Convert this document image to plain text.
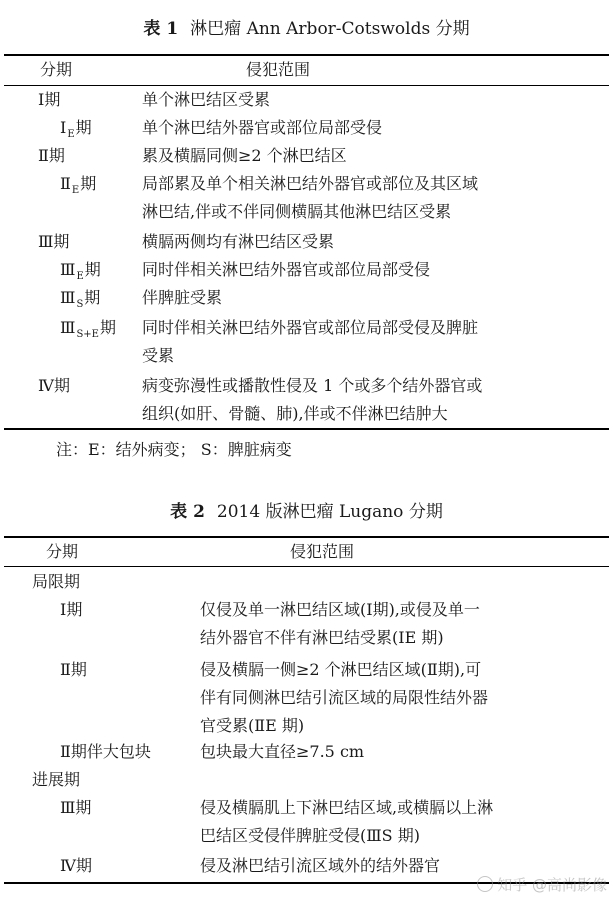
表 1 淋巴瘤 Ann Arbor-Cotswolds 分期
分期	侵犯范围
Ⅰ期	单个淋巴结区受累
$Ⅰ_E$期	单个淋巴结外器官或部位局部受侵
Ⅱ期	累及横膈同侧≥2 个淋巴结区
$Ⅱ_E$期	局部累及单个相关淋巴结外器官或部位及其区域
淋巴结,伴或不伴同侧横膈其他淋巴结区受累
Ⅲ期	横膈两侧均有淋巴结区受累
$Ⅲ_E$期	同时伴相关淋巴结外器官或部位局部受侵
$Ⅲ_S$期	伴脾脏受累
$Ⅲ_{S+E}$期 同时伴相关淋巴结外器官或部位局部受侵及脾脏
受累
Ⅳ期	病变弥漫性或播散性侵及 1 个或多个结外器官或
组织(如肝、骨髓、肺),伴或不伴淋巴结肿大
注：E：结外病变； S：脾脏病变
表 2 2014 版淋巴瘤 Lugano 分期
分期	侵犯范围
局限期
Ⅰ期	仅侵及单一淋巴结区域(Ⅰ期),或侵及单一
结外器官不伴有淋巴结受累(ⅠE 期)
Ⅱ期	侵及横膈一侧≥2 个淋巴结区域(Ⅱ期),可
伴有同侧淋巴结引流区域的局限性结外器
官受累(ⅡE 期)
Ⅱ期伴大包块	包块最大直径≥7.5 cm
进展期
Ⅲ期	侵及横膈肌上下淋巴结区域,或横膈以上淋
巴结区受侵伴脾脏受侵(ⅢS 期)
Ⅳ期	侵及淋巴结引流区域外的结外器官
知乎 @高尚影像
